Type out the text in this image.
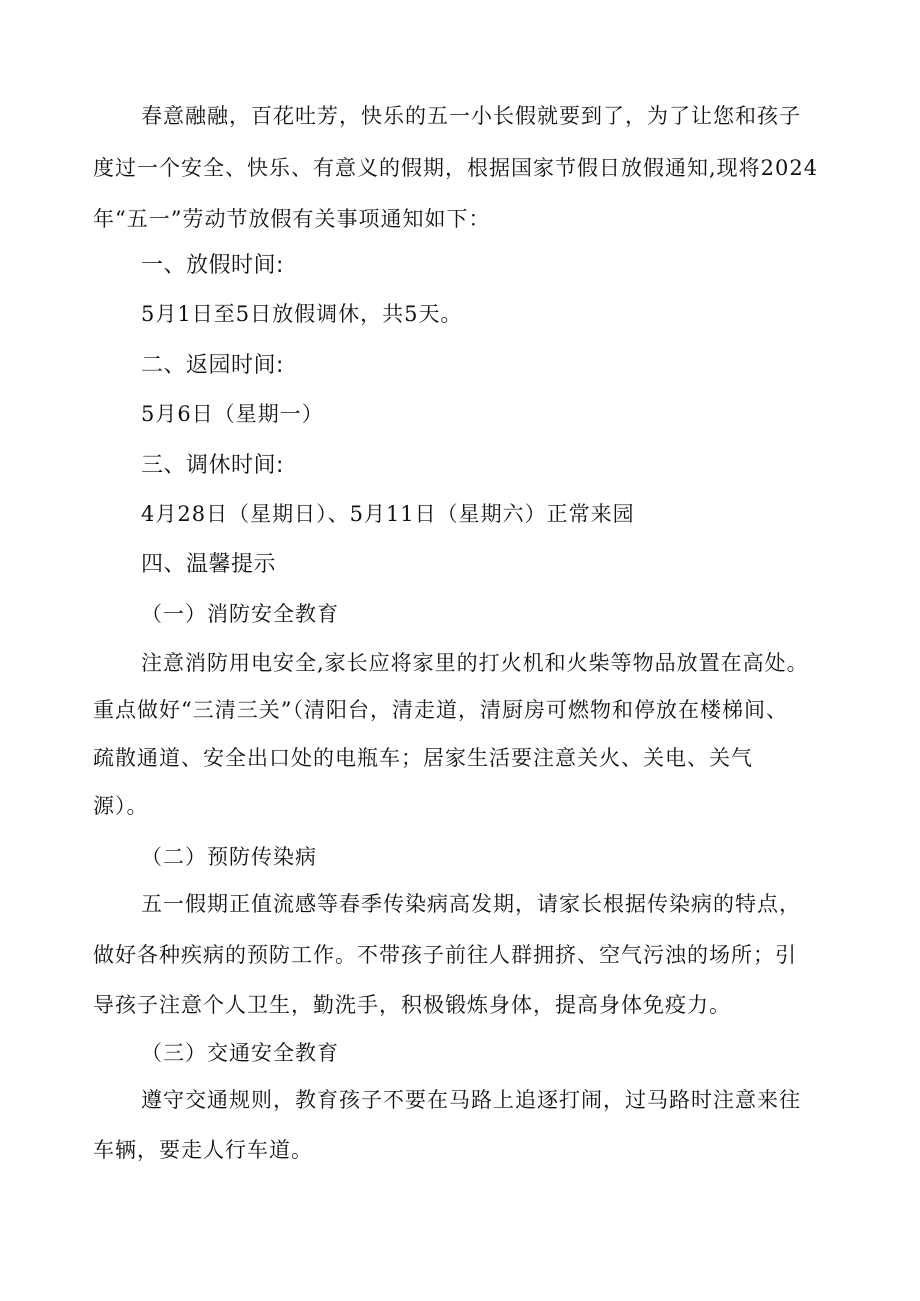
春意融融，百花吐芳，快乐的五一小长假就要到了，为了让您和孩子
度过一个安全、快乐、有意义的假期，根据国家节假日放假通知,现将2024
年“五一”劳动节放假有关事项通知如下：
一、放假时间:
5月1日至5日放假调休，共5天。
二、返园时间:
5月6日（星期一）
三、调休时间:
4月28日（星期日）、5月11日（星期六）正常来园
四、温馨提示
（一）消防安全教育
注意消防用电安全,家长应将家里的打火机和火柴等物品放置在高处。
重点做好“三清三关”（清阳台，清走道，清厨房可燃物和停放在楼梯间、
疏散通道、安全出口处的电瓶车；居家生活要注意关火、关电、关气
源）。
（二）预防传染病
五一假期正值流感等春季传染病高发期，请家长根据传染病的特点，
做好各种疾病的预防工作。不带孩子前往人群拥挤、空气污浊的场所；引
导孩子注意个人卫生，勤洗手，积极锻炼身体，提高身体免疫力。
（三）交通安全教育
遵守交通规则，教育孩子不要在马路上追逐打闹，过马路时注意来往
车辆，要走人行车道。
